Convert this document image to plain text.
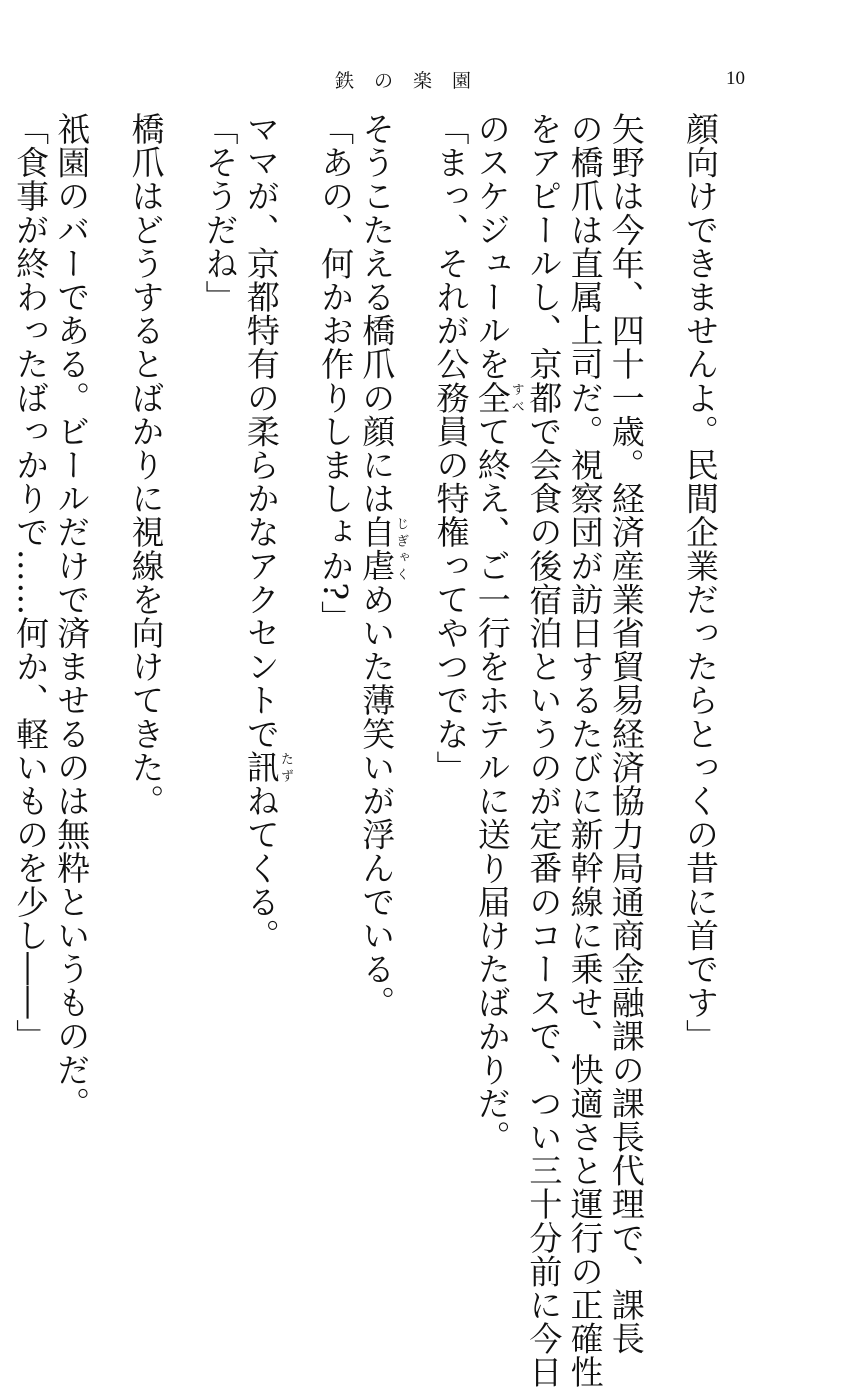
鉄の楽園	10
顔向けできませんよ。民間企業だったらとっくの昔に首です」
矢野は今年、四十一歳。経済産業省貿易経済協力局通商金融課の課長代理で、課長
の橋爪は直属上司だ。視察団が訪日するたびに新幹線に乗せ、快適さと運行の正確性
をアピールし、京都で会食の後宿泊というのが定番のコースで、つい三十分前に今日
のスケジュールを全すべて終え、ご一行をホテルに送り届けたばかりだ。
「まっ、それが公務員の特権ってやつでな」
そうこたえる橋爪の顔には自虐じぎゃくめいた薄笑いが浮んでいる。
「あの、何かお作りしましょか?」
ママが、京都特有の柔らかなアクセントで訊たずねてくる。
「そうだね」
橋爪はどうするとばかりに視線を向けてきた。
祇園のバーである。ビールだけで済ませるのは無粋というものだ。
「食事が終わったばっかりで……何か、軽いものを少し――」
